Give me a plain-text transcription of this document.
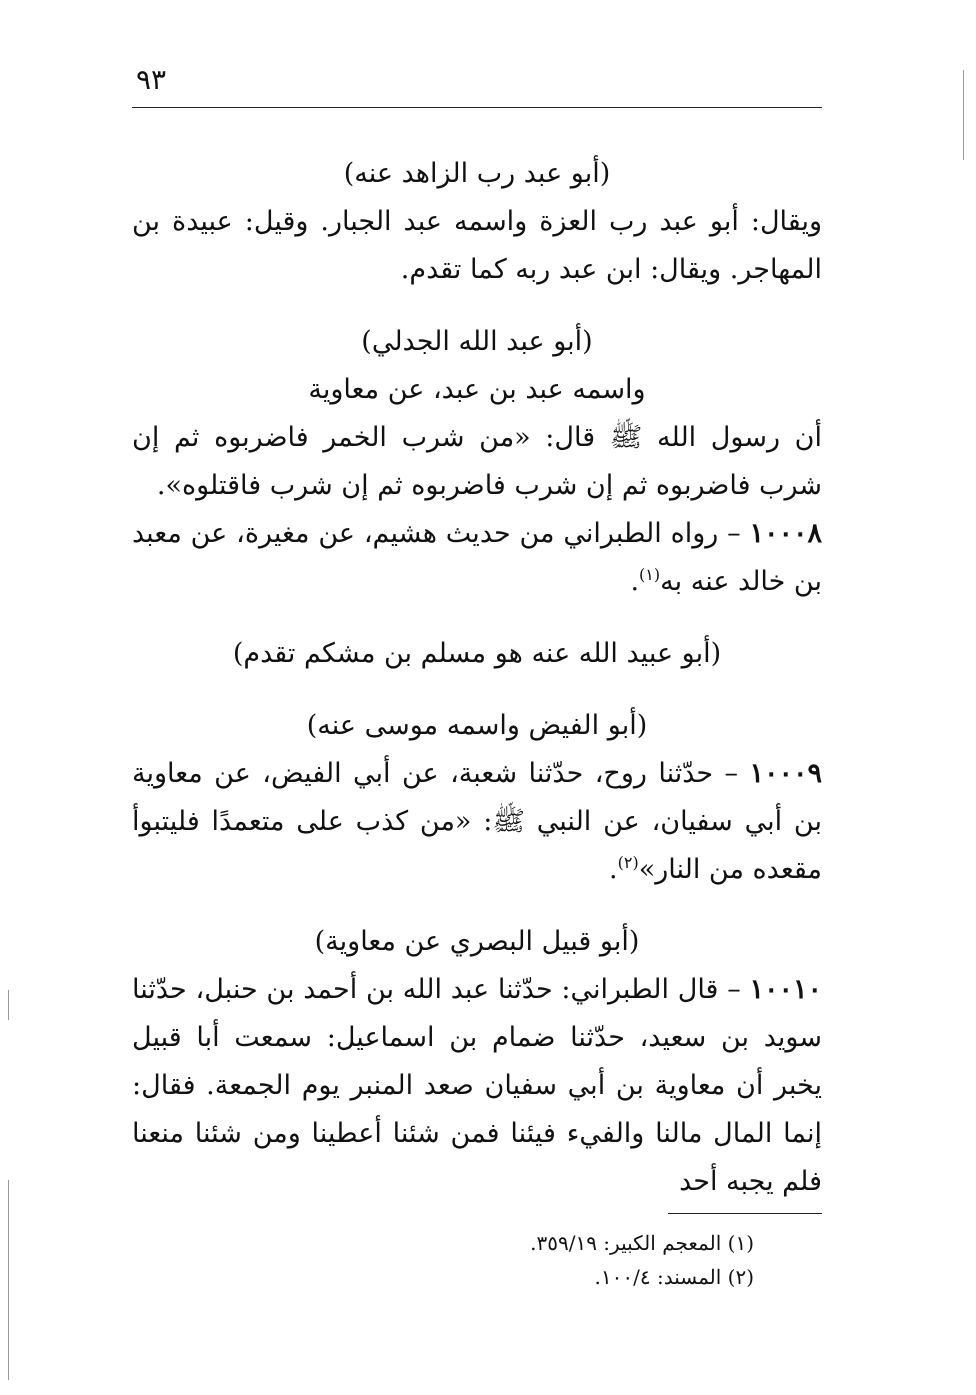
٩٣

(أبو عبد رب الزاهد عنه)

ويقال: أبو عبد رب العزة واسمه عبد الجبار. وقيل: عبيدة بن المهاجر. ويقال: ابن عبد ربه كما تقدم.

(أبو عبد الله الجدلي)

واسمه عبد بن عبد، عن معاوية

أن رسول الله ﷺ قال: «من شرب الخمر فاضربوه ثم إن شرب فاضربوه ثم إن شرب فاضربوه ثم إن شرب فاقتلوه».

١٠٠٠٨ – رواه الطبراني من حديث هشيم، عن مغيرة، عن معبد بن خالد عنه به$^{(١)}$.

(أبو عبيد الله عنه هو مسلم بن مشكم تقدم)

(أبو الفيض واسمه موسى عنه)

١٠٠٠٩ – حدّثنا روح، حدّثنا شعبة، عن أبي الفيض، عن معاوية بن أبي سفيان، عن النبي ﷺ: «من كذب على متعمدًا فليتبوأ مقعده من النار»$^{(٢)}$.

(أبو قبيل البصري عن معاوية)

١٠٠١٠ – قال الطبراني: حدّثنا عبد الله بن أحمد بن حنبل، حدّثنا سويد بن سعيد، حدّثنا ضمام بن اسماعيل: سمعت أبا قبيل يخبر أن معاوية بن أبي سفيان صعد المنبر يوم الجمعة. فقال: إنما المال مالنا والفيء فيئنا فمن شئنا أعطينا ومن شئنا منعنا فلم يجبه أحد

(١) المعجم الكبير: ٣٥٩/١٩.

(٢) المسند: ١٠٠/٤.
